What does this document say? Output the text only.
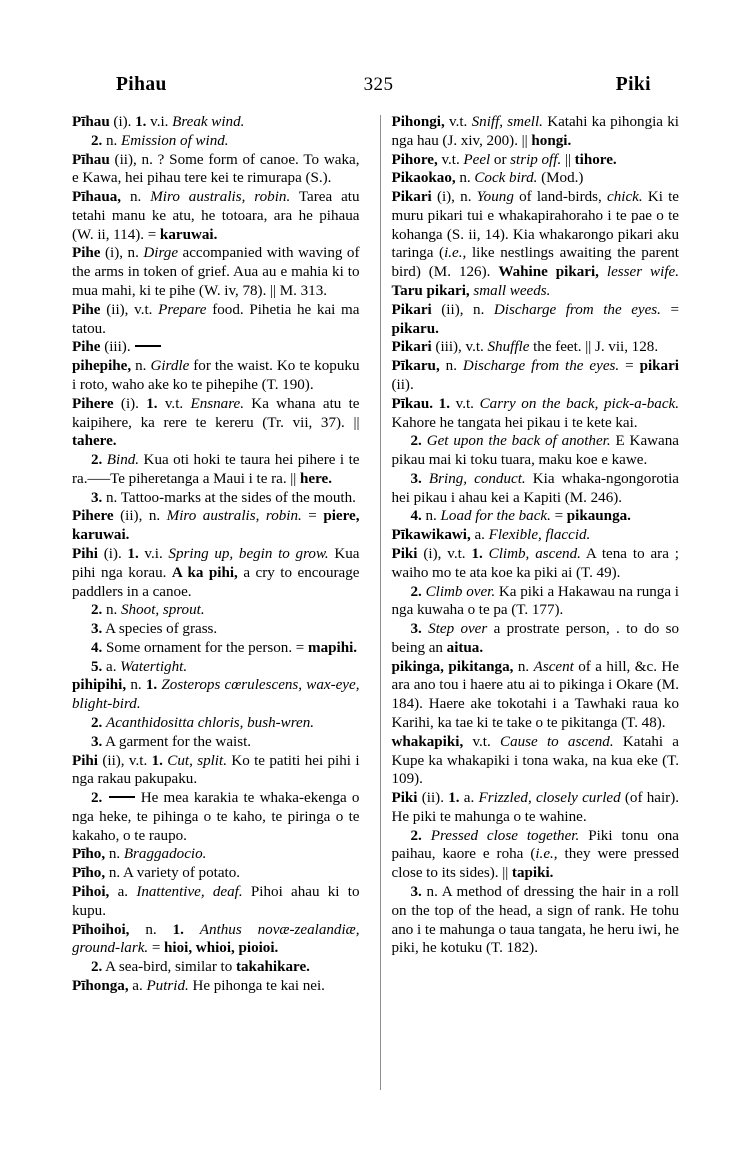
Pihau	325	Piki
Pīhau (i). 1. v.i. Break wind.
2. n. Emission of wind.
Pīhau (ii), n. ? Some form of canoe. To waka, e Kawa, hei pihau tere kei te rimurapa (S.).
Pīhaua, n. Miro australis, robin. Tarea atu tetahi manu ke atu, he totoara, ara he pihaua (W. ii, 114). = karuwai.
Pihe (i), n. Dirge accompanied with waving of the arms in token of grief. Aua au e mahia ki to mua mahi, ki te pihe (W. iv, 78). || M. 313.
Pihe (ii), v.t. Prepare food. Pihetia he kai ma tatou.
Pihe (iii).
pihepihe, n. Girdle for the waist. Ko te kopuku i roto, waho ake ko te pihepihe (T. 190).
Pihere (i). 1. v.t. Ensnare. Ka whana atu te kaipihere, ka rere te kereru (Tr. vii, 37). || tahere.
2. Bind. Kua oti hoki te taura hei pihere i te ra.—–Te piheretanga a Maui i te ra. || here.
3. n. Tattoo-marks at the sides of the mouth.
Pihere (ii), n. Miro australis, robin. = piere, karuwai.
Pihi (i). 1. v.i. Spring up, begin to grow. Kua pihi nga korau. A ka pihi, a cry to encourage paddlers in a canoe.
2. n. Shoot, sprout.
3. A species of grass.
4. Some ornament for the person. = mapihi.
5. a. Watertight.
pihipihi, n. 1. Zosterops cœrulescens, wax-eye, blight-bird.
2. Acanthidositta chloris, bush-wren.
3. A garment for the waist.
Pihi (ii), v.t. 1. Cut, split. Ko te patiti hei pihi i nga rakau pakupaku.
2.  He mea karakia te whaka-ekenga o nga heke, te pihinga o te kaho, te piringa o te kakaho, o te raupo.
Pīho, n. Braggadocio.
Pīho, n. A variety of potato.
Pihoi, a. Inattentive, deaf. Pihoi ahau ki to kupu.
Pīhoihoi, n. 1. Anthus novæ-zealandiæ, ground-lark. = hioi, whioi, pioioi.
2. A sea-bird, similar to takahikare.
Pīhonga, a. Putrid. He pihonga te kai nei.
Pihongi, v.t. Sniff, smell. Katahi ka pihongia ki nga hau (J. xiv, 200). || hongi.
Pihore, v.t. Peel or strip off. || tihore.
Pikaokao, n. Cock bird. (Mod.)
Pikari (i), n. Young of land-birds, chick. Ki te muru pikari tui e whakapirahoraho i te pae o te kohanga (S. ii, 14). Kia whakarongo pikari aku taringa (i.e., like nestlings awaiting the parent bird) (M. 126). Wahine pikari, lesser wife. Taru pikari, small weeds.
Pikari (ii), n. Discharge from the eyes. = pikaru.
Pikari (iii), v.t. Shuffle the feet. || J. vii, 128.
Pīkaru, n. Discharge from the eyes. = pikari (ii).
Pīkau. 1. v.t. Carry on the back, pick-a-back. Kahore he tangata hei pikau i te kete kai.
2. Get upon the back of another. E Kawana pikau mai ki toku tuara, maku koe e kawe.
3. Bring, conduct. Kia whaka-ngongorotia hei pikau i ahau kei a Kapiti (M. 246).
4. n. Load for the back. = pikaunga.
Pīkawikawi, a. Flexible, flaccid.
Piki (i), v.t. 1. Climb, ascend. A tena to ara ; waiho mo te ata koe ka piki ai (T. 49).
2. Climb over. Ka piki a Hakawau na runga i nga kuwaha o te pa (T. 177).
3. Step over a prostrate person, . to do so being an aitua.
pikinga, pikitanga, n. Ascent of a hill, &c. He ara ano tou i haere atu ai to pikinga i Okare (M. 184). Haere ake tokotahi i a Tawhaki raua ko Karihi, ka tae ki te take o te pikitanga (T. 48).
whakapiki, v.t. Cause to ascend. Katahi a Kupe ka whakapiki i tona waka, na kua eke (T. 109).
Piki (ii). 1. a. Frizzled, closely curled (of hair). He piki te mahunga o te wahine.
2. Pressed close together. Piki tonu ona paihau, kaore e roha (i.e., they were pressed close to its sides). || tapiki.
3. n. A method of dressing the hair in a roll on the top of the head, a sign of rank. He tohu ano i te mahunga o taua tangata, he heru iwi, he piki, he kotuku (T. 182).
